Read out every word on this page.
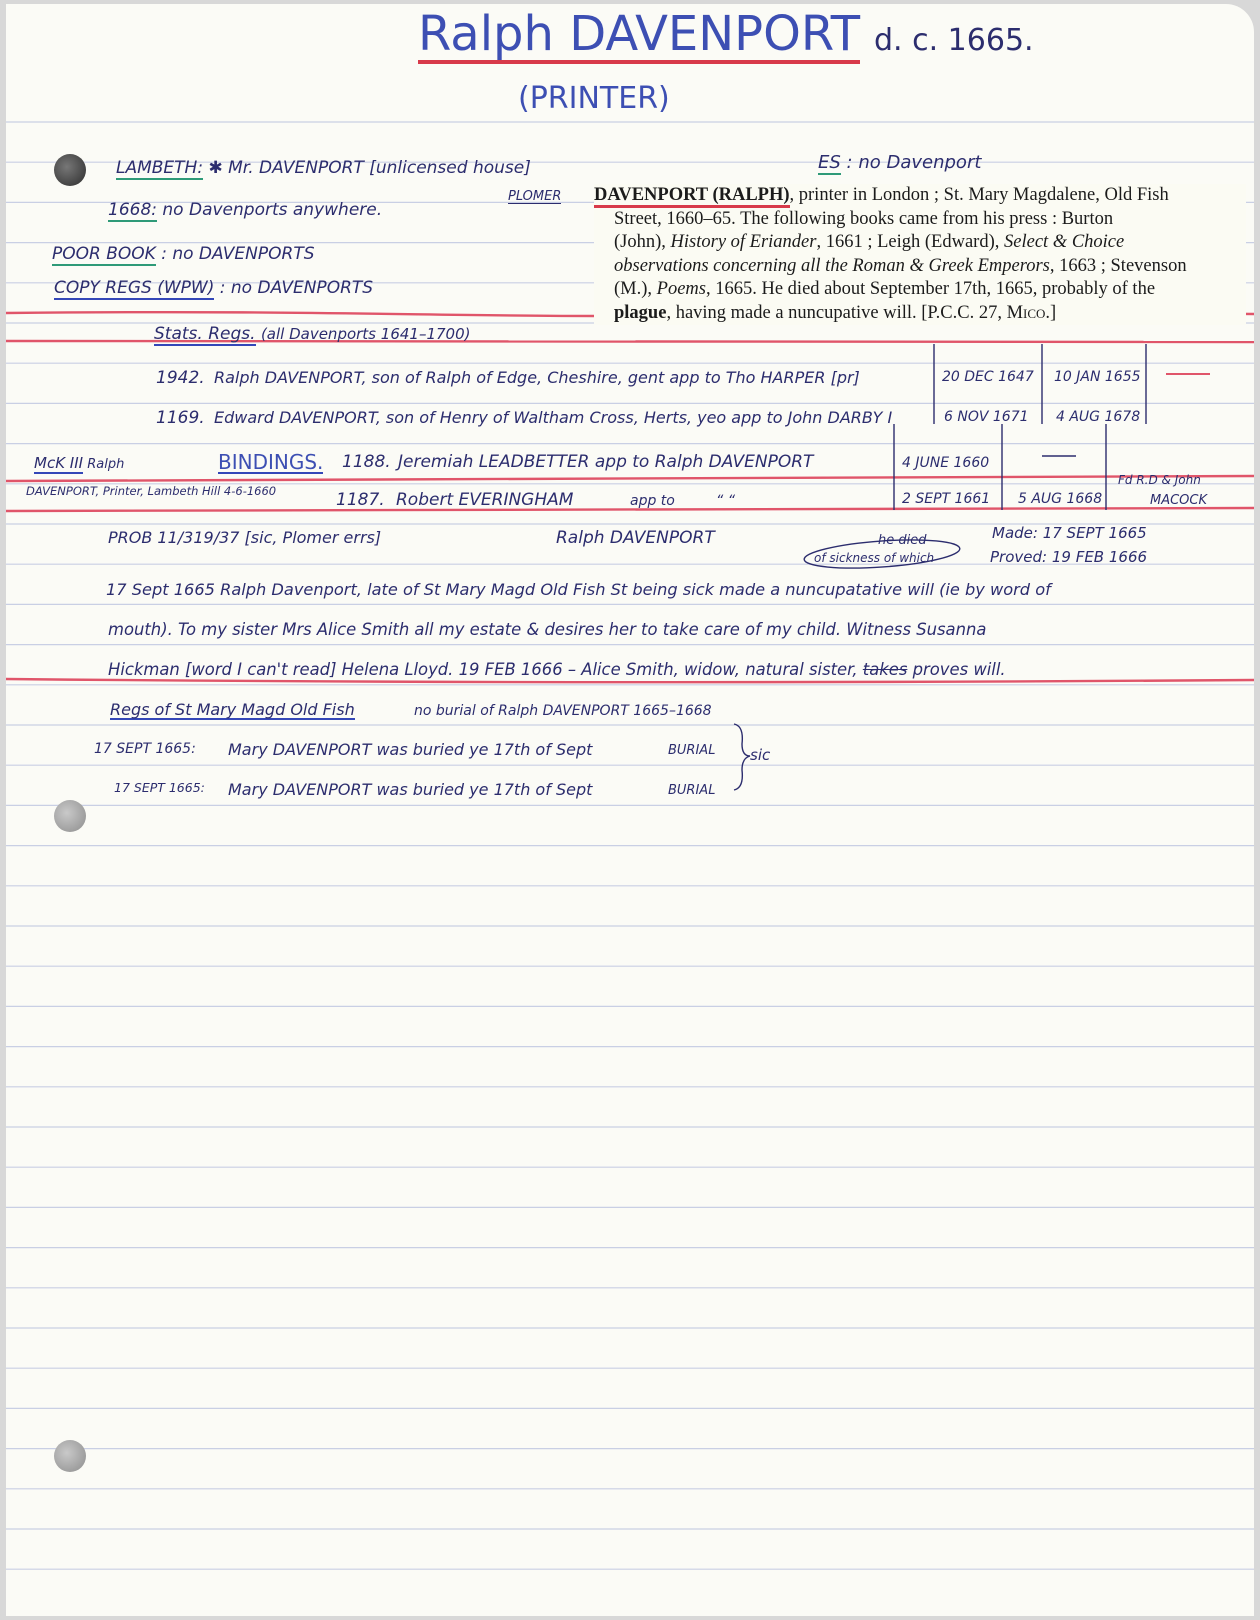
Ralph DAVENPORT d. c. 1665.
(PRINTER)
LAMBETH: ✱ Mr. DAVENPORT [unlicensed house]
1668: no Davenports anywhere.
POOR BOOK : no DAVENPORTS
COPY REGS (WPW) : no DAVENPORTS
ES : no Davenport
PLOMER DAVENPORT (RALPH), printer in London ; St. Mary Magdalene, Old Fish
Street, 1660–65. The following books came from his press : Burton
(John), History of Eriander, 1661 ; Leigh (Edward), Select & Choice
observations concerning all the Roman & Greek Emperors, 1663 ; Stevenson
(M.), Poems, 1665. He died about September 17th, 1665, probably of the
plague, having made a nuncupative will. [P.C.C. 27, Mico.]
Stats. Regs. (all Davenports 1641–1700)
1942. Ralph DAVENPORT, son of Ralph of Edge, Cheshire, gent app to Tho HARPER [pr]	20 DEC 1647 10 JAN 1655
1169. Edward DAVENPORT, son of Henry of Waltham Cross, Herts, yeo app to John DARBY I	6 NOV 1671 4 AUG 1678
McK III Ralph
DAVENPORT, Printer, Lambeth Hill 4-6-1660
BINDINGS. 1188. Jeremiah LEADBETTER app to Ralph DAVENPORT	4 JUNE 1660
Fd R.D & John
1187. Robert EVERINGHAM	app to	“ “	2 SEPT 1661 5 AUG 1668	MACOCK
PROB 11/319/37 [sic, Plomer errs]	Ralph DAVENPORT	he died
of sickness of which
Made: 17 SEPT 1665
Proved: 19 FEB 1666
17 Sept 1665 Ralph Davenport, late of St Mary Magd Old Fish St being sick made a nuncupatative will (ie by word of
mouth). To my sister Mrs Alice Smith all my estate & desires her to take care of my child. Witness Susanna
Hickman [word I can't read] Helena Lloyd. 19 FEB 1666 – Alice Smith, widow, natural sister, takes proves will.
Regs of St Mary Magd Old Fish	no burial of Ralph DAVENPORT 1665–1668
17 SEPT 1665: Mary DAVENPORT was buried ye 17th of Sept	BURIAL
17 SEPT 1665: Mary DAVENPORT was buried ye 17th of Sept	BURIAL
sic
